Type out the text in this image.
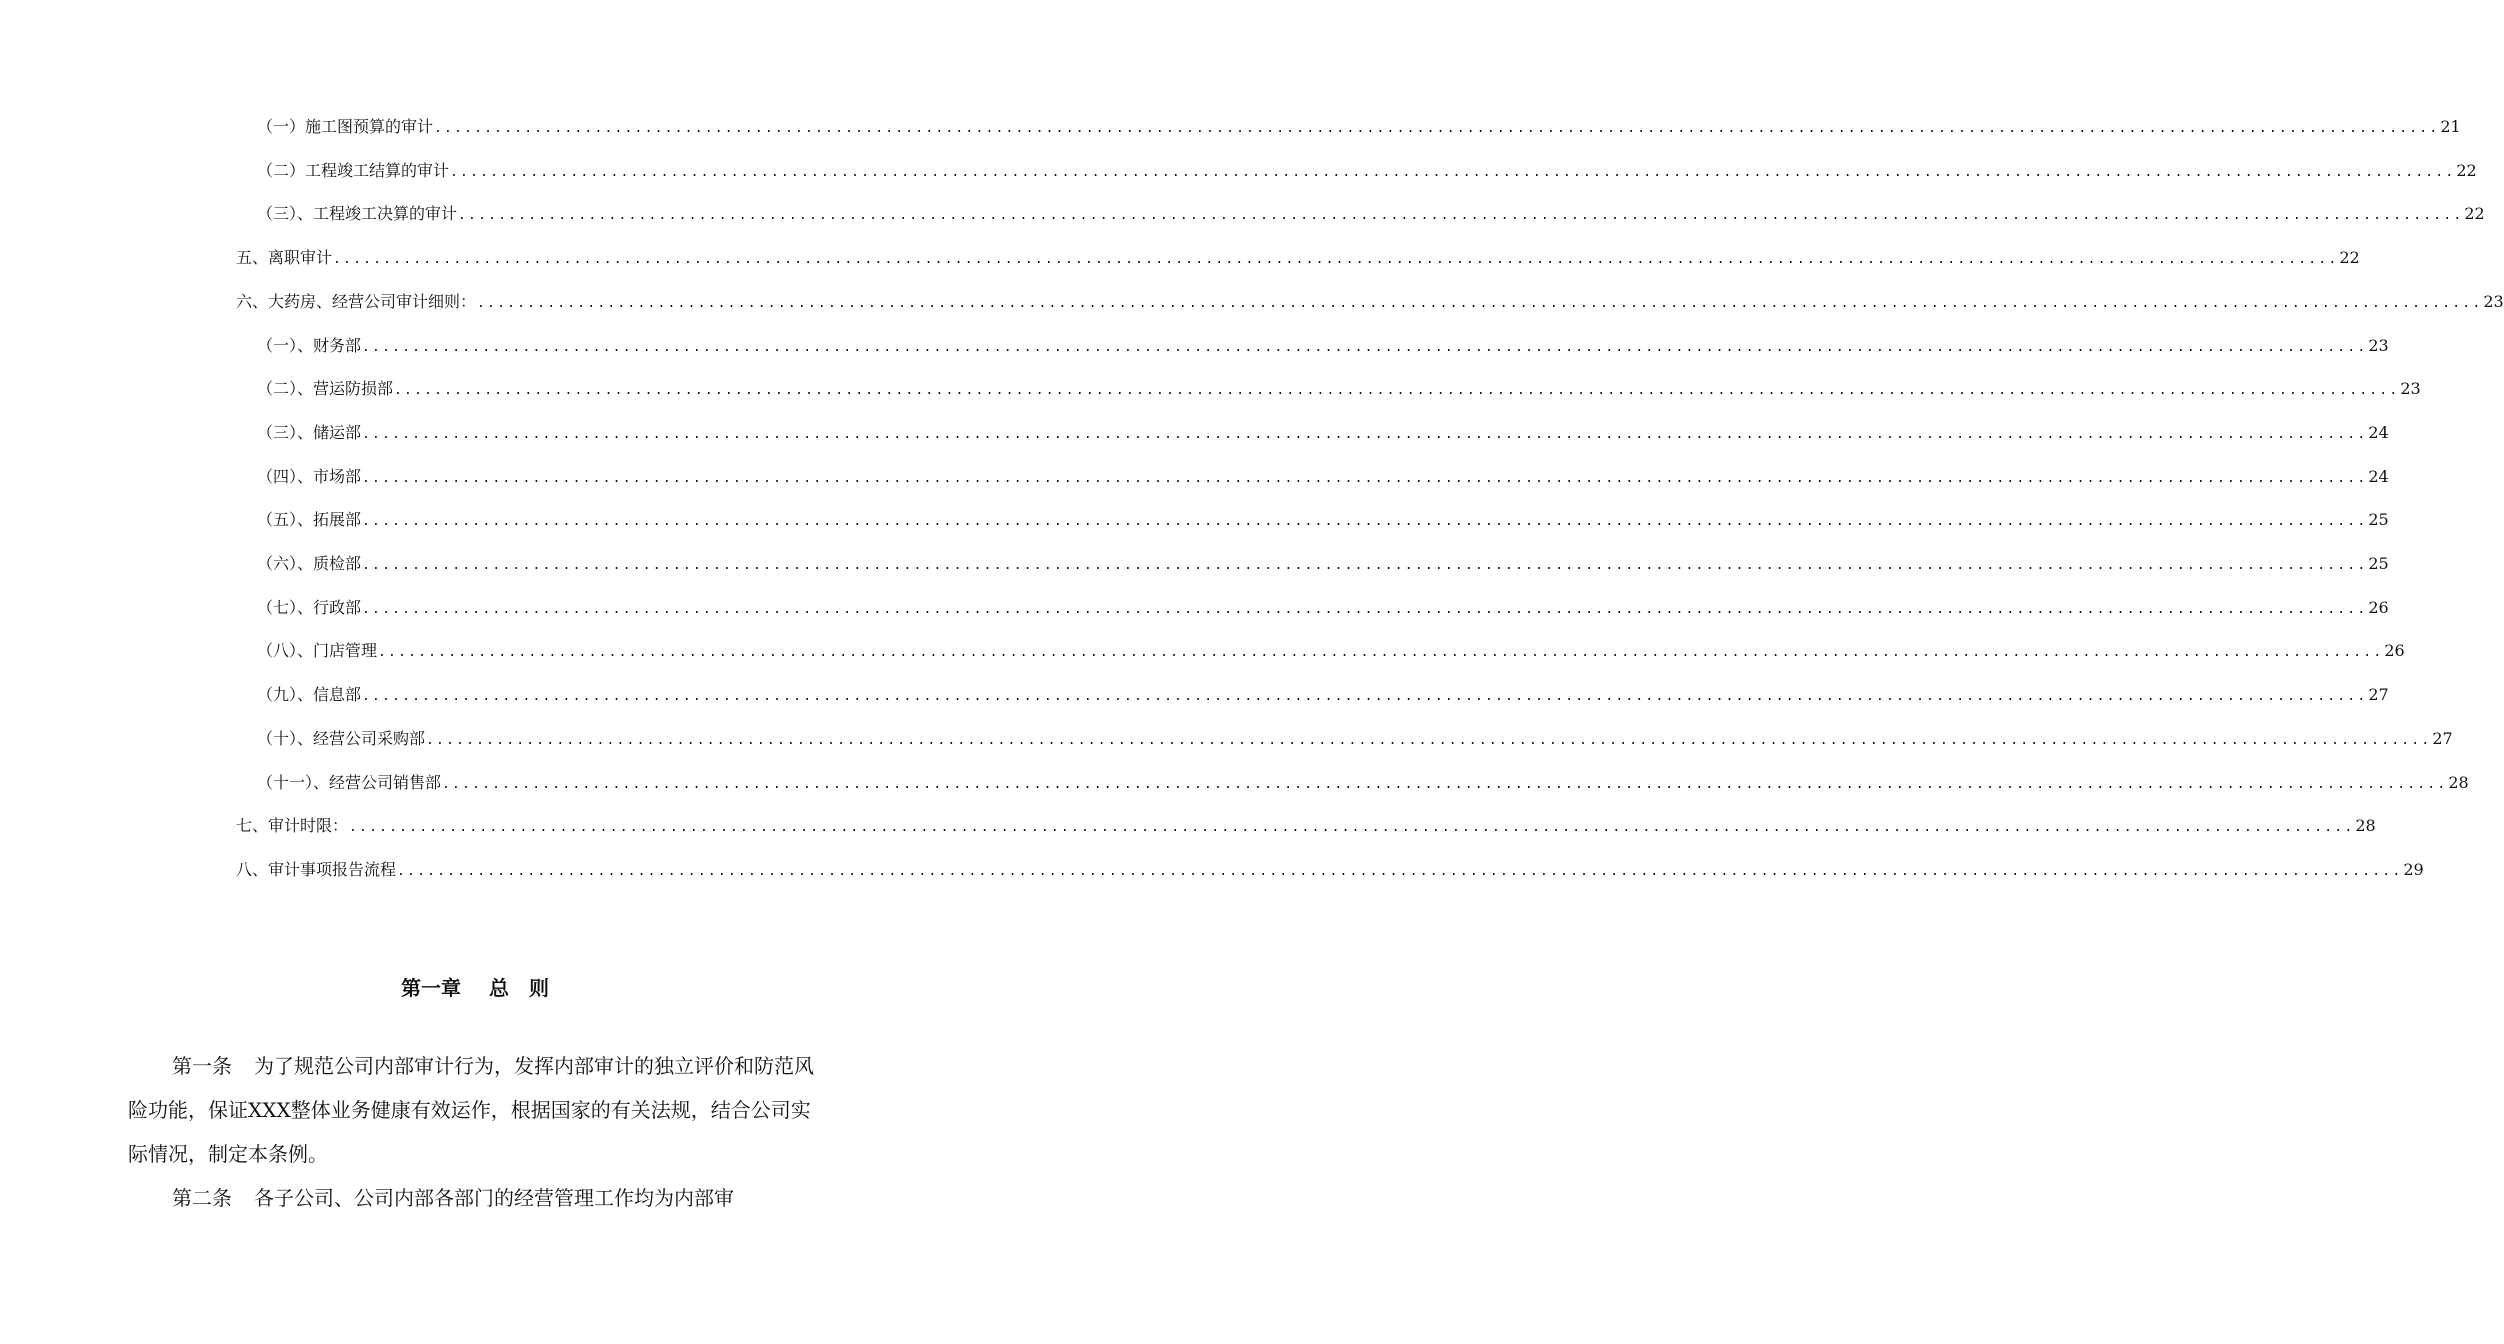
（一）施工图预算的审计 ........................................................................................................................................................................................................ 21
（二）工程竣工结算的审计 ........................................................................................................................................................................................................ 22
（三）、工程竣工决算的审计 ........................................................................................................................................................................................................ 22
五、离职审计 ........................................................................................................................................................................................................ 22
六、大药房、经营公司审计细则： ........................................................................................................................................................................................................ 23
（一）、财务部 ........................................................................................................................................................................................................ 23
（二）、营运防损部 ........................................................................................................................................................................................................ 23
（三）、储运部 ........................................................................................................................................................................................................ 24
（四）、市场部 ........................................................................................................................................................................................................ 24
（五）、拓展部 ........................................................................................................................................................................................................ 25
（六）、质检部 ........................................................................................................................................................................................................ 25
（七）、行政部 ........................................................................................................................................................................................................ 26
（八）、门店管理 ........................................................................................................................................................................................................ 26
（九）、信息部 ........................................................................................................................................................................................................ 27
（十）、经营公司采购部 ........................................................................................................................................................................................................ 27
（十一）、经营公司销售部 ........................................................................................................................................................................................................ 28
七、审计时限： ........................................................................................................................................................................................................ 28
八、审计事项报告流程 ........................................................................................................................................................................................................ 29
第一章 总　则

第一条 为了规范公司内部审计行为，发挥内部审计的独立评价和防范风险功能，保证XXX整体业务健康有效运作，根据国家的有关法规，结合公司实际情况，制定本条例。

第二条 各子公司、公司内部各部门的经营管理工作均为内部审
